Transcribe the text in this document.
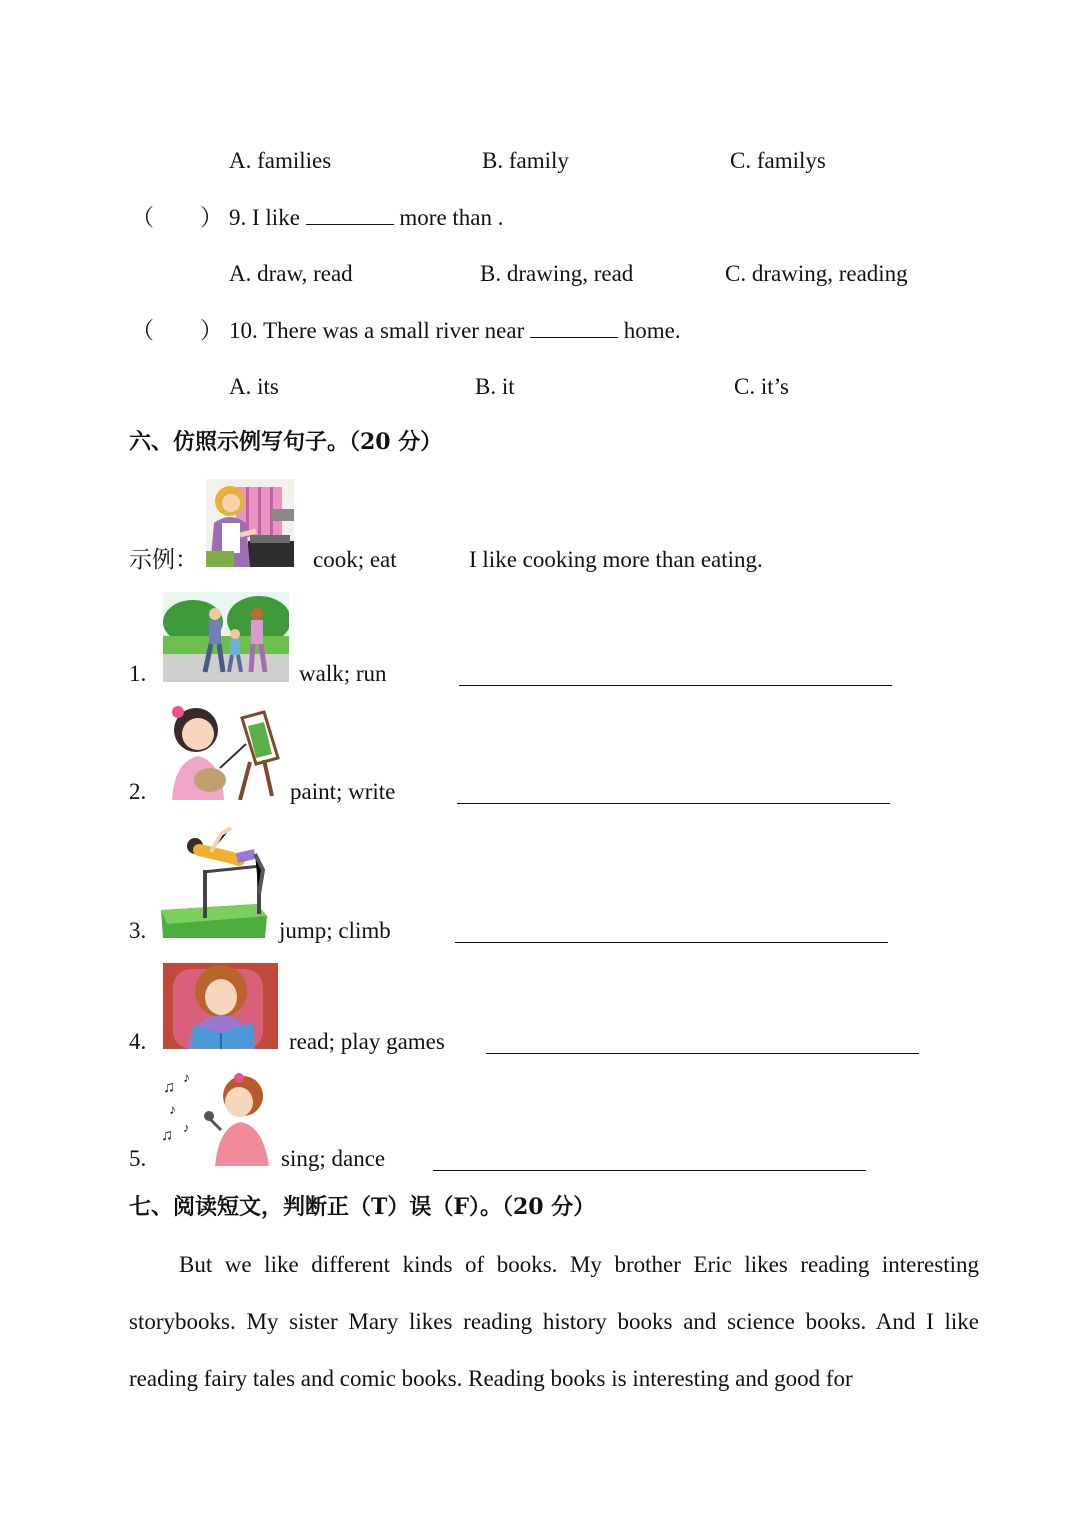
A. families	B. family	C. familys
（　　） 9. I like	more than .
A. draw, read	B. drawing, read	C. drawing, reading
（　　） 10. There was a small river near	home.
A. its	B. it	C. it’s
六、仿照示例写句子。（20 分）
示例：	cook; eat	I like cooking more than eating.
1.	walk; run
2.	paint; write
3.	jump; climb
4.	read; play games
5.
♫
♪
♪
♫ ♪
sing; dance
七、阅读短文，判断正（T）误（F）。（20 分）

But we like different kinds of books. My brother Eric likes reading interesting storybooks. My sister Mary likes reading history books and science books. And I like reading fairy tales and comic books. Reading books is interesting and good for
